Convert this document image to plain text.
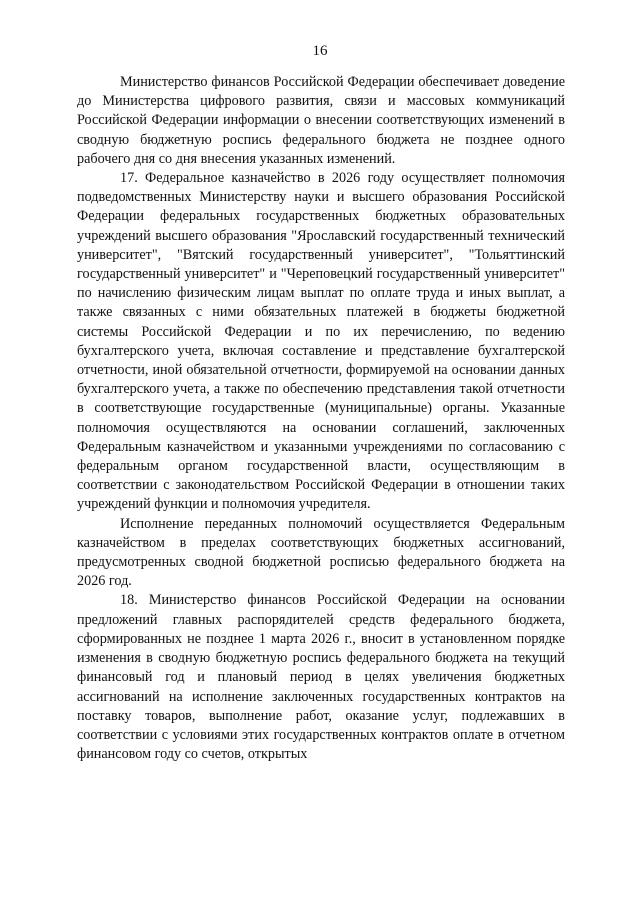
16

Министерство финансов Российской Федерации обеспечивает доведение до Министерства цифрового развития, связи и массовых коммуникаций Российской Федерации информации о внесении соответствующих изменений в сводную бюджетную роспись федерального бюджета не позднее одного рабочего дня со дня внесения указанных изменений.

17. Федеральное казначейство в 2026 году осуществляет полномочия подведомственных Министерству науки и высшего образования Российской Федерации федеральных государственных бюджетных образовательных учреждений высшего образования "Ярославский государственный технический университет", "Вятский государственный университет", "Тольяттинский государственный университет" и "Череповецкий государственный университет" по начислению физическим лицам выплат по оплате труда и иных выплат, а также связанных с ними обязательных платежей в бюджеты бюджетной системы Российской Федерации и по их перечислению, по ведению бухгалтерского учета, включая составление и представление бухгалтерской отчетности, иной обязательной отчетности, формируемой на основании данных бухгалтерского учета, а также по обеспечению представления такой отчетности в соответствующие государственные (муниципальные) органы. Указанные полномочия осуществляются на основании соглашений, заключенных Федеральным казначейством и указанными учреждениями по согласованию с федеральным органом государственной власти, осуществляющим в соответствии с законодательством Российской Федерации в отношении таких учреждений функции и полномочия учредителя.

Исполнение переданных полномочий осуществляется Федеральным казначейством в пределах соответствующих бюджетных ассигнований, предусмотренных сводной бюджетной росписью федерального бюджета на 2026 год.

18. Министерство финансов Российской Федерации на основании предложений главных распорядителей средств федерального бюджета, сформированных не позднее 1 марта 2026 г., вносит в установленном порядке изменения в сводную бюджетную роспись федерального бюджета на текущий финансовый год и плановый период в целях увеличения бюджетных ассигнований на исполнение заключенных государственных контрактов на поставку товаров, выполнение работ, оказание услуг, подлежавших в соответствии с условиями этих государственных контрактов оплате в отчетном финансовом году со счетов, открытых
